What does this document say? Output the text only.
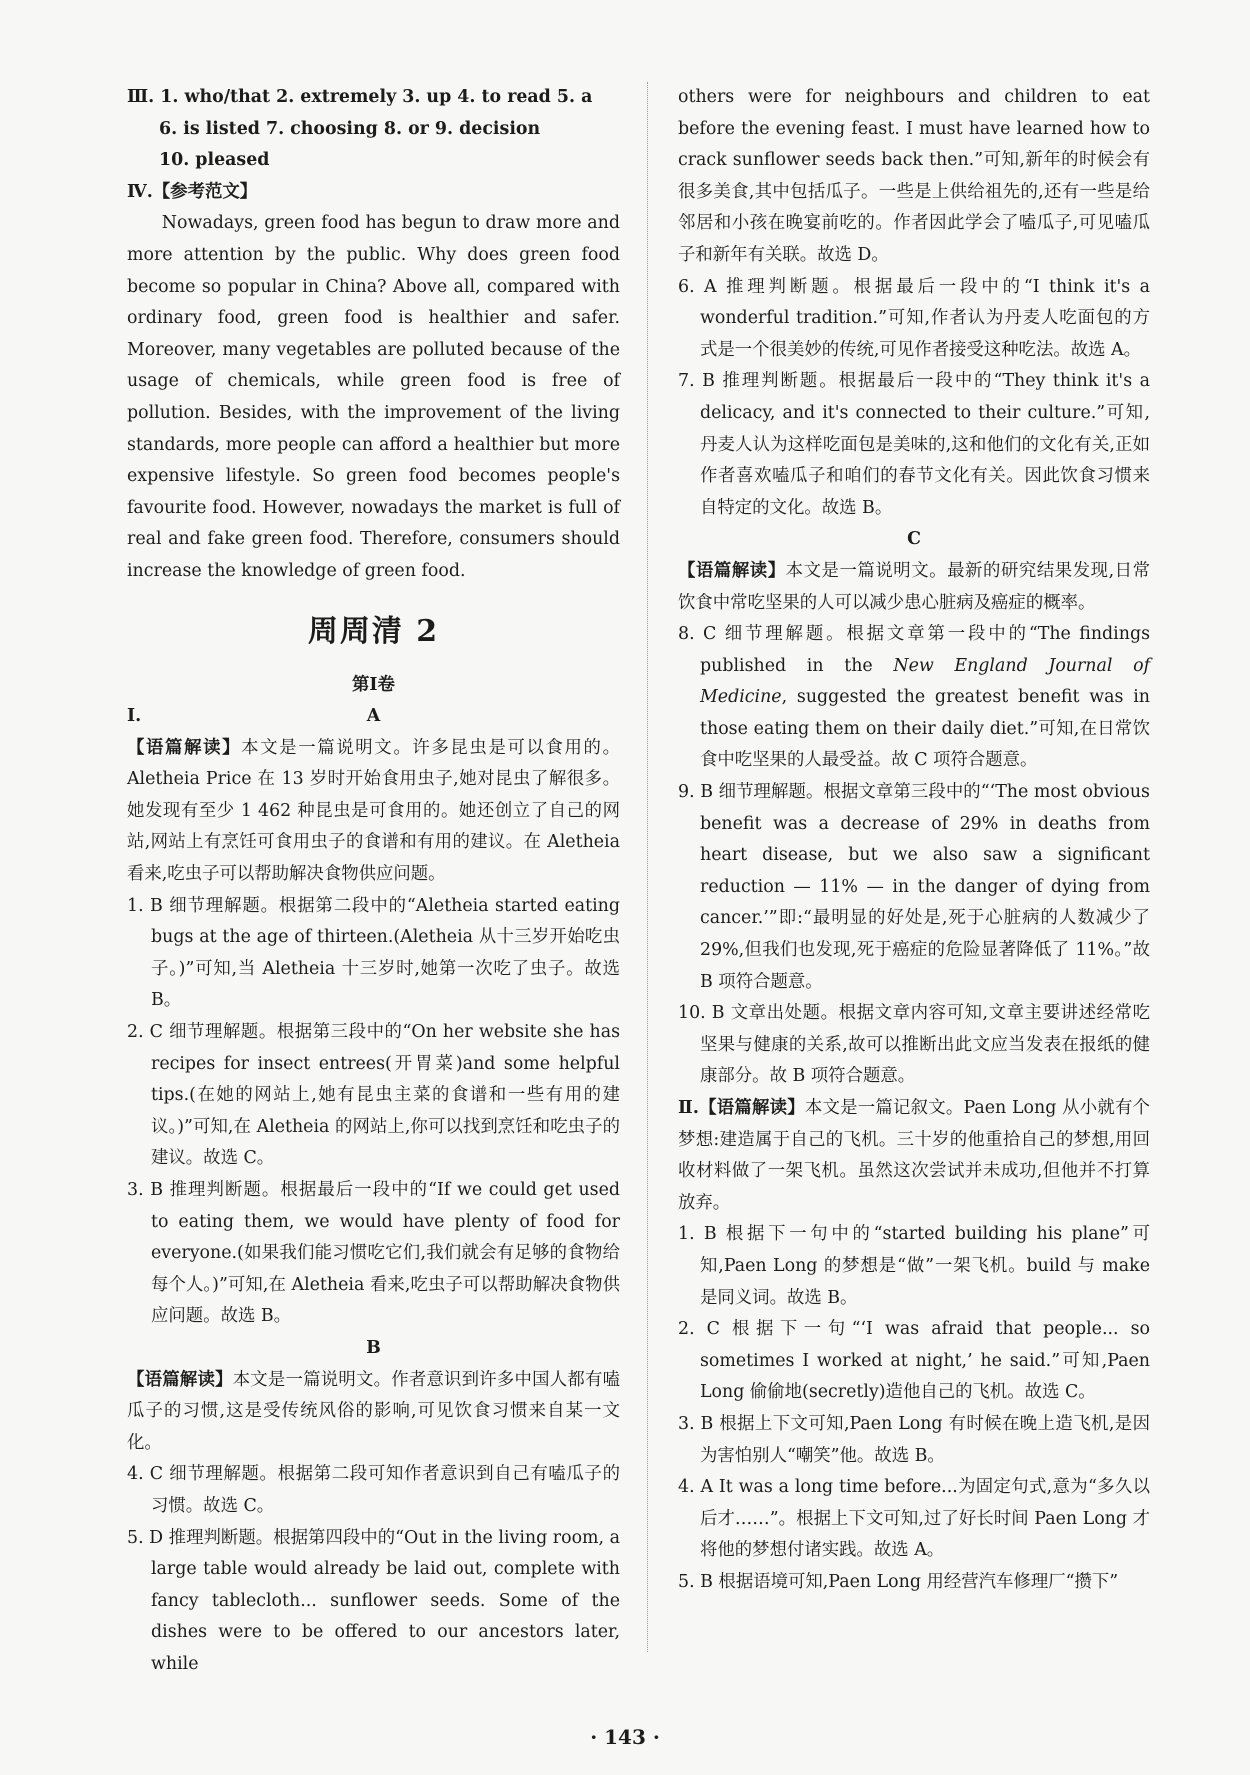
Ⅲ. 1. who/that 2. extremely 3. up 4. to read 5. a

6. is listed 7. choosing 8. or 9. decision

10. pleased

Ⅳ.【参考范文】

Nowadays, green food has begun to draw more and more attention by the public. Why does green food become so popular in China? Above all, compared with ordinary food, green food is healthier and safer. Moreover, many vegetables are polluted because of the usage of chemicals, while green food is free of pollution. Besides, with the improvement of the living standards, more people can afford a healthier but more expensive lifestyle. So green food becomes people's favourite food. However, nowadays the market is full of real and fake green food. Therefore, consumers should increase the knowledge of green food.

周周清 2

第Ⅰ卷

Ⅰ.	A

【语篇解读】本文是一篇说明文。许多昆虫是可以食用的。Aletheia Price 在 13 岁时开始食用虫子,她对昆虫了解很多。她发现有至少 1 462 种昆虫是可食用的。她还创立了自己的网站,网站上有烹饪可食用虫子的食谱和有用的建议。在 Aletheia 看来,吃虫子可以帮助解决食物供应问题。

1. B 细节理解题。根据第二段中的“Aletheia started eating bugs at the age of thirteen.(Aletheia 从十三岁开始吃虫子。)”可知,当 Aletheia 十三岁时,她第一次吃了虫子。故选 B。

2. C 细节理解题。根据第三段中的“On her website she has recipes for insect entrees(开胃菜)and some helpful tips.(在她的网站上,她有昆虫主菜的食谱和一些有用的建议。)”可知,在 Aletheia 的网站上,你可以找到烹饪和吃虫子的建议。故选 C。

3. B 推理判断题。根据最后一段中的“If we could get used to eating them, we would have plenty of food for everyone.(如果我们能习惯吃它们,我们就会有足够的食物给每个人。)”可知,在 Aletheia 看来,吃虫子可以帮助解决食物供应问题。故选 B。

B

【语篇解读】本文是一篇说明文。作者意识到许多中国人都有嗑瓜子的习惯,这是受传统风俗的影响,可见饮食习惯来自某一文化。

4. C 细节理解题。根据第二段可知作者意识到自己有嗑瓜子的习惯。故选 C。

5. D 推理判断题。根据第四段中的“Out in the living room, a large table would already be laid out, complete with fancy tablecloth... sunflower seeds. Some of the dishes were to be offered to our ancestors later, while

others were for neighbours and children to eat before the evening feast. I must have learned how to crack sunflower seeds back then.”可知,新年的时候会有很多美食,其中包括瓜子。一些是上供给祖先的,还有一些是给邻居和小孩在晚宴前吃的。作者因此学会了嗑瓜子,可见嗑瓜子和新年有关联。故选 D。

6. A 推理判断题。根据最后一段中的“I think it's a wonderful tradition.”可知,作者认为丹麦人吃面包的方式是一个很美妙的传统,可见作者接受这种吃法。故选 A。

7. B 推理判断题。根据最后一段中的“They think it's a delicacy, and it's connected to their culture.”可知,丹麦人认为这样吃面包是美味的,这和他们的文化有关,正如作者喜欢嗑瓜子和咱们的春节文化有关。因此饮食习惯来自特定的文化。故选 B。

C

【语篇解读】本文是一篇说明文。最新的研究结果发现,日常饮食中常吃坚果的人可以减少患心脏病及癌症的概率。

8. C 细节理解题。根据文章第一段中的“The findings published in the New England Journal of Medicine, suggested the greatest benefit was in those eating them on their daily diet.”可知,在日常饮食中吃坚果的人最受益。故 C 项符合题意。

9. B 细节理解题。根据文章第三段中的“‘The most obvious benefit was a decrease of 29% in deaths from heart disease, but we also saw a significant reduction — 11% — in the danger of dying from cancer.’”即:“最明显的好处是,死于心脏病的人数减少了 29%,但我们也发现,死于癌症的危险显著降低了 11%。”故 B 项符合题意。

10. B 文章出处题。根据文章内容可知,文章主要讲述经常吃坚果与健康的关系,故可以推断出此文应当发表在报纸的健康部分。故 B 项符合题意。

Ⅱ.【语篇解读】本文是一篇记叙文。Paen Long 从小就有个梦想:建造属于自己的飞机。三十岁的他重拾自己的梦想,用回收材料做了一架飞机。虽然这次尝试并未成功,但他并不打算放弃。

1. B 根据下一句中的“started building his plane”可知,Paen Long 的梦想是“做”一架飞机。build 与 make 是同义词。故选 B。

2. C 根据下一句“‘I was afraid that people... so sometimes I worked at night,’ he said.”可知,Paen Long 偷偷地(secretly)造他自己的飞机。故选 C。

3. B 根据上下文可知,Paen Long 有时候在晚上造飞机,是因为害怕别人“嘲笑”他。故选 B。

4. A It was a long time before...为固定句式,意为“多久以后才……”。根据上下文可知,过了好长时间 Paen Long 才将他的梦想付诸实践。故选 A。

5. B 根据语境可知,Paen Long 用经营汽车修理厂“攒下”

· 143 ·
